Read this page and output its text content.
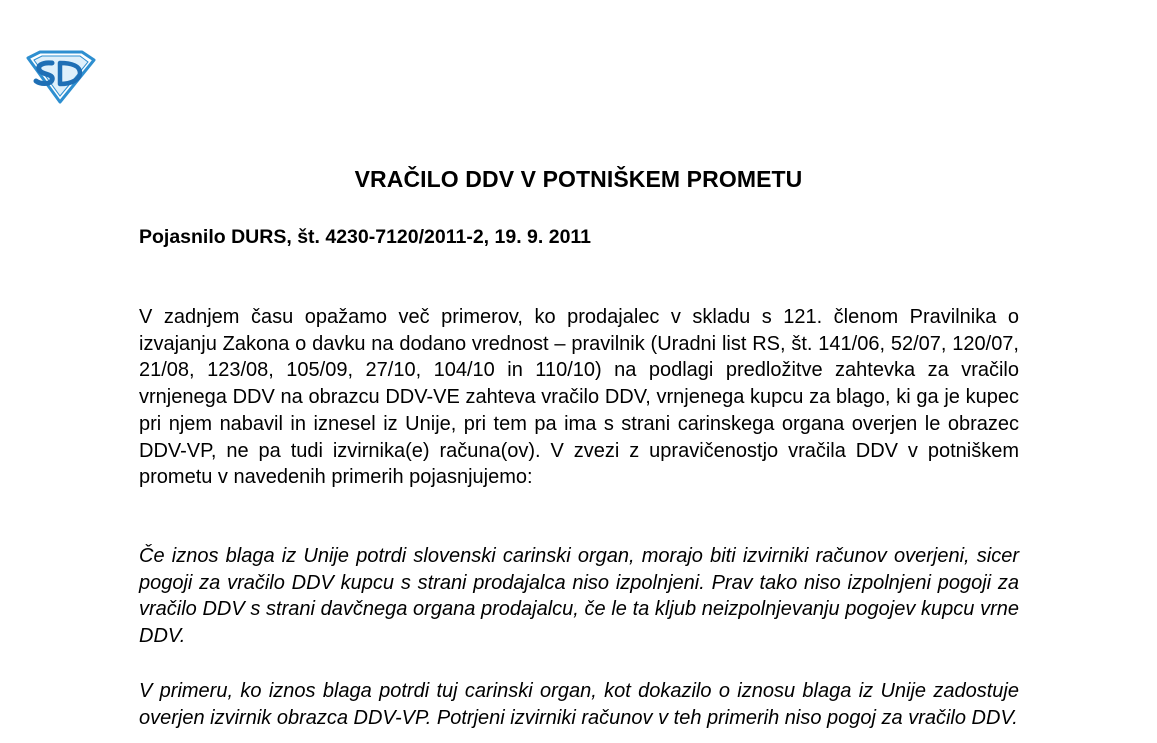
VRAČILO DDV V POTNIŠKEM PROMETU
Pojasnilo DURS, št. 4230-7120/2011-2, 19. 9. 2011

V zadnjem času opažamo več primerov, ko prodajalec v skladu s 121. členom Pravilnika o izvajanju Zakona o davku na dodano vrednost – pravilnik (Uradni list RS, št. 141/06, 52/07, 120/07, 21/08, 123/08, 105/09, 27/10, 104/10 in 110/10) na podlagi predložitve zahtevka za vračilo vrnjenega DDV na obrazcu DDV-VE zahteva vračilo DDV, vrnjenega kupcu za blago, ki ga je kupec pri njem nabavil in iznesel iz Unije, pri tem pa ima s strani carinskega organa overjen le obrazec DDV-VP, ne pa tudi izvirnika(e) računa(ov). V zvezi z upravičenostjo vračila DDV v potniškem prometu v navedenih primerih pojasnjujemo:

Če iznos blaga iz Unije potrdi slovenski carinski organ, morajo biti izvirniki računov overjeni, sicer pogoji za vračilo DDV kupcu s strani prodajalca niso izpolnjeni. Prav tako niso izpolnjeni pogoji za vračilo DDV s strani davčnega organa prodajalcu, če le ta kljub neizpolnjevanju pogojev kupcu vrne DDV.

V primeru, ko iznos blaga potrdi tuj carinski organ, kot dokazilo o iznosu blaga iz Unije zadostuje overjen izvirnik obrazca DDV-VP. Potrjeni izvirniki računov v teh primerih niso pogoj za vračilo DDV.
